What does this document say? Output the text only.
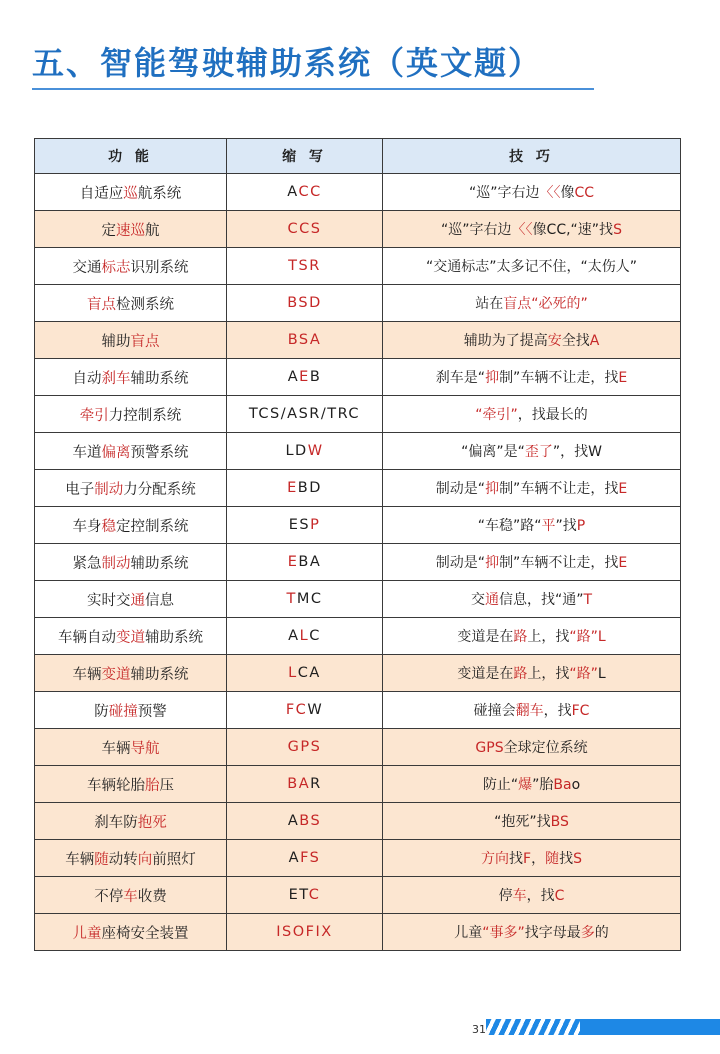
五、智能驾驶辅助系统（英文题）
功 能	缩 写	技 巧
自适应巡航系统	ACC	“巡”字右边〈〈像CC
定速巡航	CCS	“巡”字右边〈〈像CC,“速”找S
交通标志识别系统	TSR	“交通标志”太多记不住，“太伤人”
盲点检测系统	BSD	站在盲点“必死的”
辅助盲点	BSA	辅助为了提高安全找A
自动刹车辅助系统	AEB	刹车是“抑制”车辆不让走，找E
牵引力控制系统	TCS/ASR/TRC	“牵引”，找最长的
车道偏离预警系统	LDW	“偏离”是“歪了”，找W
电子制动力分配系统	EBD	制动是“抑制”车辆不让走，找E
车身稳定控制系统	ESP	“车稳”路“平”找P
紧急制动辅助系统	EBA	制动是“抑制”车辆不让走，找E
实时交通信息	TMC	交通信息，找“通”T
车辆自动变道辅助系统	ALC	变道是在路上，找“路”L
车辆变道辅助系统	LCA	变道是在路上，找“路”L
防碰撞预警	FCW	碰撞会翻车，找FC
车辆导航	GPS	GPS全球定位系统
车辆轮胎胎压	BAR	防止“爆”胎Bao
刹车防抱死	ABS	“抱死”找BS
车辆随动转向前照灯	AFS	方向找F，随找S
不停车收费	ETC	停车，找C
儿童座椅安全装置	ISOFIX	儿童“事多”找字母最多的
31
